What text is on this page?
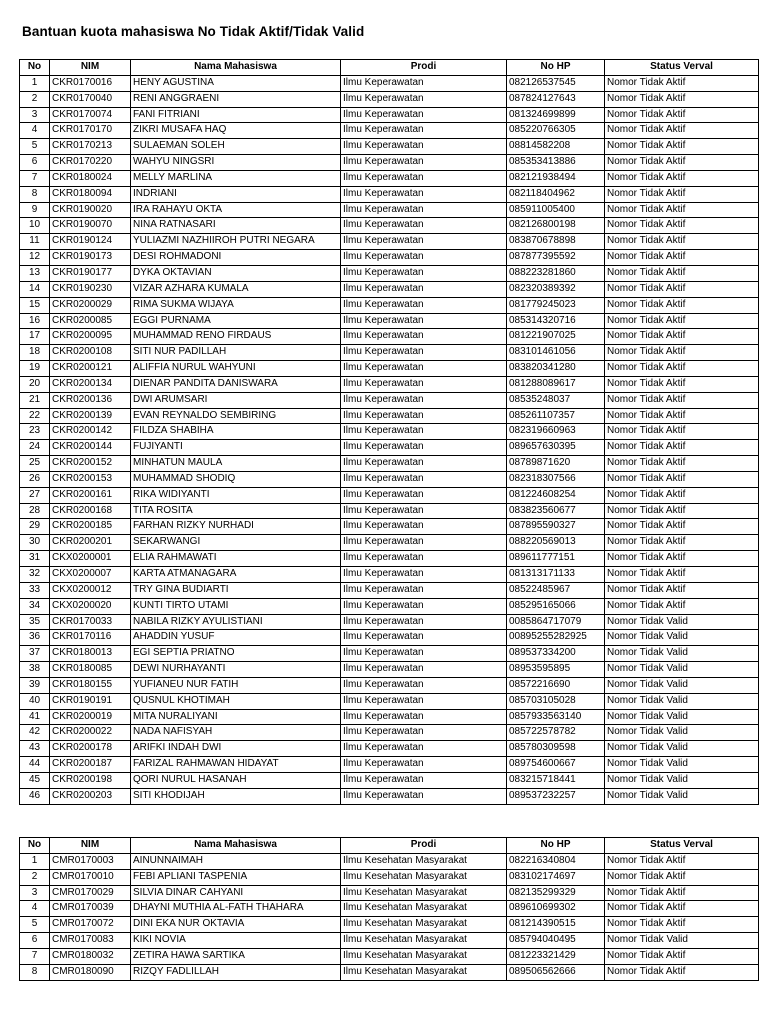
Bantuan kuota mahasiswa No Tidak Aktif/Tidak Valid
No	NIM	Nama Mahasiswa	Prodi	No HP	Status Verval
1	CKR0170016	HENY AGUSTINA	Ilmu Keperawatan	082126537545	Nomor Tidak Aktif
2	CKR0170040	RENI ANGGRAENI	Ilmu Keperawatan	087824127643	Nomor Tidak Aktif
3	CKR0170074	FANI FITRIANI	Ilmu Keperawatan	081324699899	Nomor Tidak Aktif
4	CKR0170170	ZIKRI MUSAFA HAQ	Ilmu Keperawatan	085220766305	Nomor Tidak Aktif
5	CKR0170213	SULAEMAN SOLEH	Ilmu Keperawatan	08814582208	Nomor Tidak Aktif
6	CKR0170220	WAHYU NINGSRI	Ilmu Keperawatan	085353413886	Nomor Tidak Aktif
7	CKR0180024	MELLY MARLINA	Ilmu Keperawatan	082121938494	Nomor Tidak Aktif
8	CKR0180094	INDRIANI	Ilmu Keperawatan	082118404962	Nomor Tidak Aktif
9	CKR0190020	IRA RAHAYU OKTA	Ilmu Keperawatan	085911005400	Nomor Tidak Aktif
10	CKR0190070	NINA RATNASARI	Ilmu Keperawatan	082126800198	Nomor Tidak Aktif
11	CKR0190124	YULIAZMI NAZHIIROH PUTRI NEGARA	Ilmu Keperawatan	083870678898	Nomor Tidak Aktif
12	CKR0190173	DESI ROHMADONI	Ilmu Keperawatan	087877395592	Nomor Tidak Aktif
13	CKR0190177	DYKA OKTAVIAN	Ilmu Keperawatan	088223281860	Nomor Tidak Aktif
14	CKR0190230	VIZAR AZHARA KUMALA	Ilmu Keperawatan	082320389392	Nomor Tidak Aktif
15	CKR0200029	RIMA SUKMA WIJAYA	Ilmu Keperawatan	081779245023	Nomor Tidak Aktif
16	CKR0200085	EGGI PURNAMA	Ilmu Keperawatan	085314320716	Nomor Tidak Aktif
17	CKR0200095	MUHAMMAD RENO FIRDAUS	Ilmu Keperawatan	081221907025	Nomor Tidak Aktif
18	CKR0200108	SITI NUR PADILLAH	Ilmu Keperawatan	083101461056	Nomor Tidak Aktif
19	CKR0200121	ALIFFIA NURUL WAHYUNI	Ilmu Keperawatan	083820341280	Nomor Tidak Aktif
20	CKR0200134	DIENAR PANDITA DANISWARA	Ilmu Keperawatan	081288089617	Nomor Tidak Aktif
21	CKR0200136	DWI ARUMSARI	Ilmu Keperawatan	08535248037	Nomor Tidak Aktif
22	CKR0200139	EVAN REYNALDO SEMBIRING	Ilmu Keperawatan	085261107357	Nomor Tidak Aktif
23	CKR0200142	FILDZA SHABIHA	Ilmu Keperawatan	082319660963	Nomor Tidak Aktif
24	CKR0200144	FUJIYANTI	Ilmu Keperawatan	089657630395	Nomor Tidak Aktif
25	CKR0200152	MINHATUN MAULA	Ilmu Keperawatan	08789871620	Nomor Tidak Aktif
26	CKR0200153	MUHAMMAD SHODIQ	Ilmu Keperawatan	082318307566	Nomor Tidak Aktif
27	CKR0200161	RIKA WIDIYANTI	Ilmu Keperawatan	081224608254	Nomor Tidak Aktif
28	CKR0200168	TITA ROSITA	Ilmu Keperawatan	083823560677	Nomor Tidak Aktif
29	CKR0200185	FARHAN RIZKY NURHADI	Ilmu Keperawatan	087895590327	Nomor Tidak Aktif
30	CKR0200201	SEKARWANGI	Ilmu Keperawatan	088220569013	Nomor Tidak Aktif
31	CKX0200001	ELIA RAHMAWATI	Ilmu Keperawatan	089611777151	Nomor Tidak Aktif
32	CKX0200007	KARTA ATMANAGARA	Ilmu Keperawatan	081313171133	Nomor Tidak Aktif
33	CKX0200012	TRY GINA BUDIARTI	Ilmu Keperawatan	08522485967	Nomor Tidak Aktif
34	CKX0200020	KUNTI TIRTO UTAMI	Ilmu Keperawatan	085295165066	Nomor Tidak Aktif
35	CKR0170033	NABILA RIZKY AYULISTIANI	Ilmu Keperawatan	0085864717079	Nomor Tidak Valid
36	CKR0170116	AHADDIN YUSUF	Ilmu Keperawatan	00895255282925	Nomor Tidak Valid
37	CKR0180013	EGI SEPTIA PRIATNO	Ilmu Keperawatan	089537334200	Nomor Tidak Valid
38	CKR0180085	DEWI NURHAYANTI	Ilmu Keperawatan	08953595895	Nomor Tidak Valid
39	CKR0180155	YUFIANEU NUR FATIH	Ilmu Keperawatan	08572216690	Nomor Tidak Valid
40	CKR0190191	QUSNUL KHOTIMAH	Ilmu Keperawatan	085703105028	Nomor Tidak Valid
41	CKR0200019	MITA NURALIYANI	Ilmu Keperawatan	0857933563140	Nomor Tidak Valid
42	CKR0200022	NADA NAFISYAH	Ilmu Keperawatan	085722578782	Nomor Tidak Valid
43	CKR0200178	ARIFKI INDAH DWI	Ilmu Keperawatan	085780309598	Nomor Tidak Valid
44	CKR0200187	FARIZAL RAHMAWAN HIDAYAT	Ilmu Keperawatan	089754600667	Nomor Tidak Valid
45	CKR0200198	QORI NURUL HASANAH	Ilmu Keperawatan	083215718441	Nomor Tidak Valid
46	CKR0200203	SITI KHODIJAH	Ilmu Keperawatan	089537232257	Nomor Tidak Valid
No	NIM	Nama Mahasiswa	Prodi	No HP	Status Verval
1	CMR0170003	AINUNNAIMAH	Ilmu Kesehatan Masyarakat	082216340804	Nomor Tidak Aktif
2	CMR0170010	FEBI APLIANI TASPENIA	Ilmu Kesehatan Masyarakat	083102174697	Nomor Tidak Aktif
3	CMR0170029	SILVIA DINAR CAHYANI	Ilmu Kesehatan Masyarakat	082135299329	Nomor Tidak Aktif
4	CMR0170039	DHAYNI MUTHIA AL-FATH THAHARA	Ilmu Kesehatan Masyarakat	089610699302	Nomor Tidak Aktif
5	CMR0170072	DINI EKA NUR OKTAVIA	Ilmu Kesehatan Masyarakat	081214390515	Nomor Tidak Aktif
6	CMR0170083	KIKI NOVIA	Ilmu Kesehatan Masyarakat	085794040495	Nomor Tidak Valid
7	CMR0180032	ZETIRA HAWA SARTIKA	Ilmu Kesehatan Masyarakat	081223321429	Nomor Tidak Aktif
8	CMR0180090	RIZQY FADLILLAH	Ilmu Kesehatan Masyarakat	089506562666	Nomor Tidak Aktif
